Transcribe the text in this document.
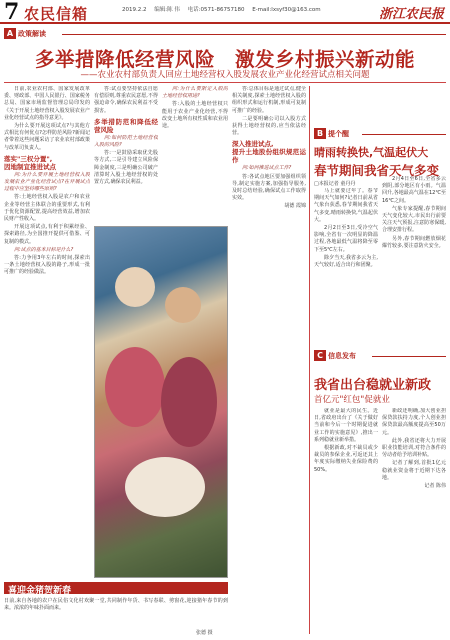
7 农民信箱	2019.2.2 编辑:陈 伟 电话:0571-86757180 E-mail:lxsyf30@163.com	浙江农民报
A 政策解读
多举措降低经营风险　激发乡村振兴新动能
——农业农村部负责人回应土地经营权入股发展农业产业化经营试点相关问题

日前,农业农村部、国家发展改革委、财政部、中国人民银行、国家税务总局、国家市场监督管理总局印发的《关于开展土地经营权入股发展农业产业化经营试点的指导意见》。

为什么要开展这项试点?与其他方式相比有何优点?怎样防范风险?新闻记者带着这些问题采访了农业农村部政策与改革司负责人。

落实"三权分置",
因地制宜推进试点

问:为什么要开展土地经营权入股发展农业产业化经营试点?在开展试点过程中应坚持哪些原则?

答:土地经营权入股是农户和农业企业等经营主体联合的重要形式,有利于优化资源配置,提高经营效益,增加农民财产性收入。

开展这项试点,有利于积累经验、探索路径,为全国推开提供可借鉴、可复制的模式。

问:试点的基本目标是什么?

答:力争用3年左右的时间,探索出一条土地经营权入股的路子,形成一批可推广的经验做法。

答:试点要坚持依法自愿有偿原则,尊重农民意愿,不得强迫命令,确保农民利益不受损害。

多举措防范和降低经营风险

问:如何防范土地经营权入股的风险?

答:一是鼓励采取优先股等方式,二是引导建立风险保障金制度,三是明确公司破产清算时入股土地经营权的处置方式,确保农民利益。

问:为什么要限定入股的土地经营权用途?

答:入股的土地经营权只能用于农业产业化经营,不得改变土地所有权性质和农业用途。

答:总体目标是通过试点,健全相关制度,探索土地经营权入股的组织形式和运行机制,形成可复制可推广的经验。

二是要明确公司以入股方式获得土地经营权的,应当依法经营。

深入推进试点,
提升土地股份组织规范运作

问:如何推进试点工作?

答:各试点地区要加强组织领导,制定实施方案,加强指导服务,及时总结经验,确保试点工作取得实效。

胡德 霞锦

喜迎金猪贺新春
日前,来自各地的农户在民俗文化村欢聚一堂,共同制作年货、书写春联、剪窗花,迎接猪年春节的到来。浓浓的年味扑面而来。
张德 摄
B 提个醒
晴雨转换快,气温起伏大
春节期间我省天气多变
□本报记者 童丹丹

马上就要过年了。春节期间天气如何?记者日前从省气象台获悉,春节期间我省天气多变,晴雨转换快,气温起伏大。

2月2日至3日,受冷空气影响,全省有一次明显的降温过程,各地最低气温将降至零下至5℃左右。

除夕当天,我省多云为主,天气较好,适合出行和团聚。

2月4日至6日,全省多云到阴,部分地区有小雨。气温回升,各地最高气温在12℃至16℃之间。

气象专家提醒,春节期间天气变化较大,市民出行前要关注天气预报,注意防寒保暖,合理安排行程。

另外,春节期间燃放烟花爆竹较多,要注意防火安全。

C 信息发布
我省出台稳就业新政
首亿元"红包"促就业

就业是最大的民生。近日,省政府出台了《关于做好当前和今后一个时期促进就业工作的实施意见》,推出一系列稳就业新举措。

根据新政,对不裁员或少裁员的参保企业,可返还其上年度实际缴纳失业保险费的50%。

新政还明确,加大创业担保贷款扶持力度,个人创业担保贷款最高额度提高至50万元。

此外,我省还将大力开展职业技能培训,对符合条件的劳动者给予培训补贴。

记者了解到,首批1亿元稳就业资金将于近期下达各地。

记者 陈伟
